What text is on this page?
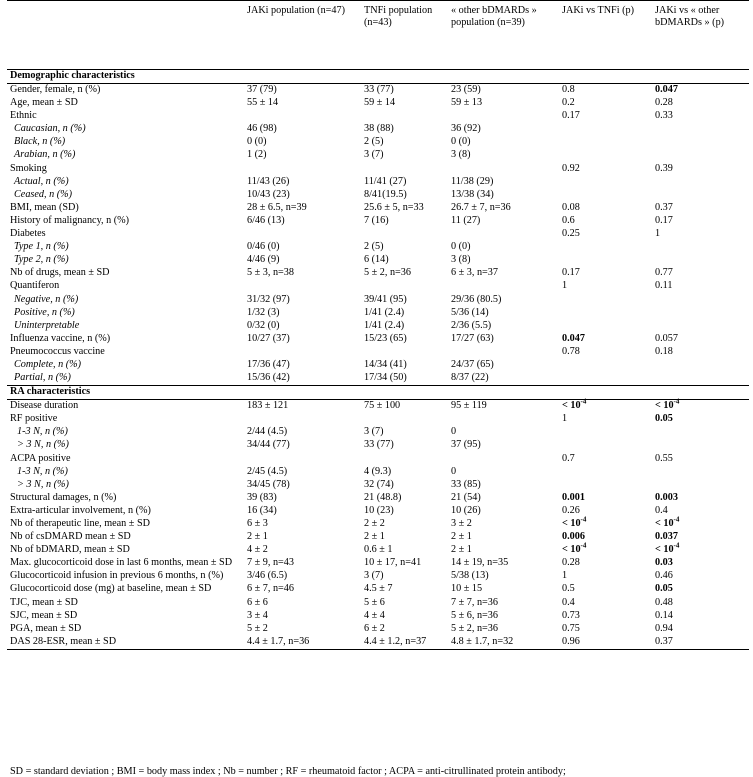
	JAKi population (n=47)	TNFi population (n=43)	« other bDMARDs » population (n=39)	JAKi vs TNFi (p)	JAKi vs « other bDMARDs » (p)
Demographic characteristics					
Gender, female, n (%)	37 (79)	33 (77)	23 (59)	0.8	0.047
Age, mean ± SD	55 ± 14	59 ± 14	59 ± 13	0.2	0.28
Ethnic				0.17	0.33
Caucasian, n (%)	46 (98)	38 (88)	36 (92)		
Black, n (%)	0 (0)	2 (5)	0 (0)		
Arabian, n (%)	1 (2)	3 (7)	3 (8)		
Smoking				0.92	0.39
Actual, n (%)	11/43 (26)	11/41 (27)	11/38 (29)		
Ceased, n (%)	10/43 (23)	8/41(19.5)	13/38 (34)		
BMI, mean (SD)	28 ± 6.5, n=39	25.6 ± 5, n=33	26.7 ± 7, n=36	0.08	0.37
History of malignancy, n (%)	6/46 (13)	7 (16)	11 (27)	0.6	0.17
Diabetes				0.25	1
Type 1, n (%)	0/46 (0)	2 (5)	0 (0)		
Type 2, n (%)	4/46 (9)	6 (14)	3 (8)		
Nb of drugs, mean ± SD	5 ± 3, n=38	5 ± 2, n=36	6 ± 3, n=37	0.17	0.77
Quantiferon				1	0.11
Negative, n (%)	31/32 (97)	39/41 (95)	29/36 (80.5)		
Positive, n (%)	1/32 (3)	1/41 (2.4)	5/36 (14)		
Uninterpretable	0/32 (0)	1/41 (2.4)	2/36 (5.5)		
Influenza vaccine, n (%)	10/27 (37)	15/23 (65)	17/27 (63)	0.047	0.057
Pneumococcus vaccine				0.78	0.18
Complete, n (%)	17/36 (47)	14/34 (41)	24/37 (65)		
Partial, n (%)	15/36 (42)	17/34 (50)	8/37 (22)		
RA characteristics					
Disease duration	183 ± 121	75 ± 100	95 ± 119	< $10^{-4}$	< $10^{-4}$
RF positive				1	0.05
1-3 N, n (%)	2/44 (4.5)	3 (7)	0		
> 3 N, n (%)	34/44 (77)	33 (77)	37 (95)		
ACPA positive				0.7	0.55
1-3 N, n (%)	2/45 (4.5)	4 (9.3)	0		
> 3 N, n (%)	34/45 (78)	32 (74)	33 (85)		
Structural damages, n (%)	39 (83)	21 (48.8)	21 (54)	0.001	0.003
Extra-articular involvement, n (%)	16 (34)	10 (23)	10 (26)	0.26	0.4
Nb of therapeutic line, mean ± SD	6 ± 3	2 ± 2	3 ± 2	< $10^{-4}$	< $10^{-4}$
Nb of csDMARD mean ± SD	2 ± 1	2 ± 1	2 ± 1	0.006	0.037
Nb of bDMARD, mean ± SD	4 ± 2	0.6 ± 1	2 ± 1	< $10^{-4}$	< $10^{-4}$
Max. glucocorticoid dose in last 6 months, mean ± SD	7 ± 9, n=43	10 ± 17, n=41	14 ± 19, n=35	0.28	0.03
Glucocorticoid infusion in previous 6 months, n (%)	3/46 (6.5)	3 (7)	5/38 (13)	1	0.46
Glucocorticoid dose (mg) at baseline, mean ± SD	6 ± 7, n=46	4.5 ± 7	10 ± 15	0.5	0.05
TJC, mean ± SD	6 ± 6	5 ± 6	7 ± 7, n=36	0.4	0.48
SJC, mean ± SD	3 ± 4	4 ± 4	5 ± 6, n=36	0.73	0.14
PGA, mean ± SD	5 ± 2	6 ± 2	5 ± 2, n=36	0.75	0.94
DAS 28-ESR, mean ± SD	4.4 ± 1.7, n=36	4.4 ± 1.2, n=37	4.8 ± 1.7, n=32	0.96	0.37
SD = standard deviation ; BMI = body mass index ; Nb = number ; RF = rheumatoid factor ; ACPA = anti-citrullinated protein antibody;
